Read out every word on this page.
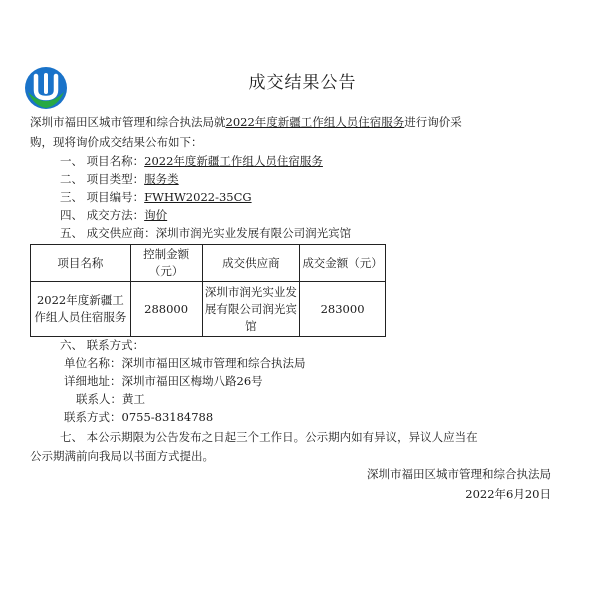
成交结果公告
深圳市福田区城市管理和综合执法局就2022年度新疆工作组人员住宿服务进行询价采
购，现将询价成交结果公布如下：
一、 项目名称：2022年度新疆工作组人员住宿服务
二、 项目类型：服务类
三、 项目编号：FWHW2022-35CG
四、 成交方法：询价
五、 成交供应商：深圳市润光实业发展有限公司润光宾馆
项目名称	控制金额（元）	成交供应商	成交金额（元）
2022年度新疆工作组人员住宿服务	288000	深圳市润光实业发展有限公司润光宾馆	283000
六、 联系方式：
单位名称：深圳市福田区城市管理和综合执法局
详细地址：深圳市福田区梅坳八路26号
联系人：黄工
联系方式：0755-83184788
七、 本公示期限为公告发布之日起三个工作日。公示期内如有异议，异议人应当在
公示期满前向我局以书面方式提出。
深圳市福田区城市管理和综合执法局
2022年6月20日
